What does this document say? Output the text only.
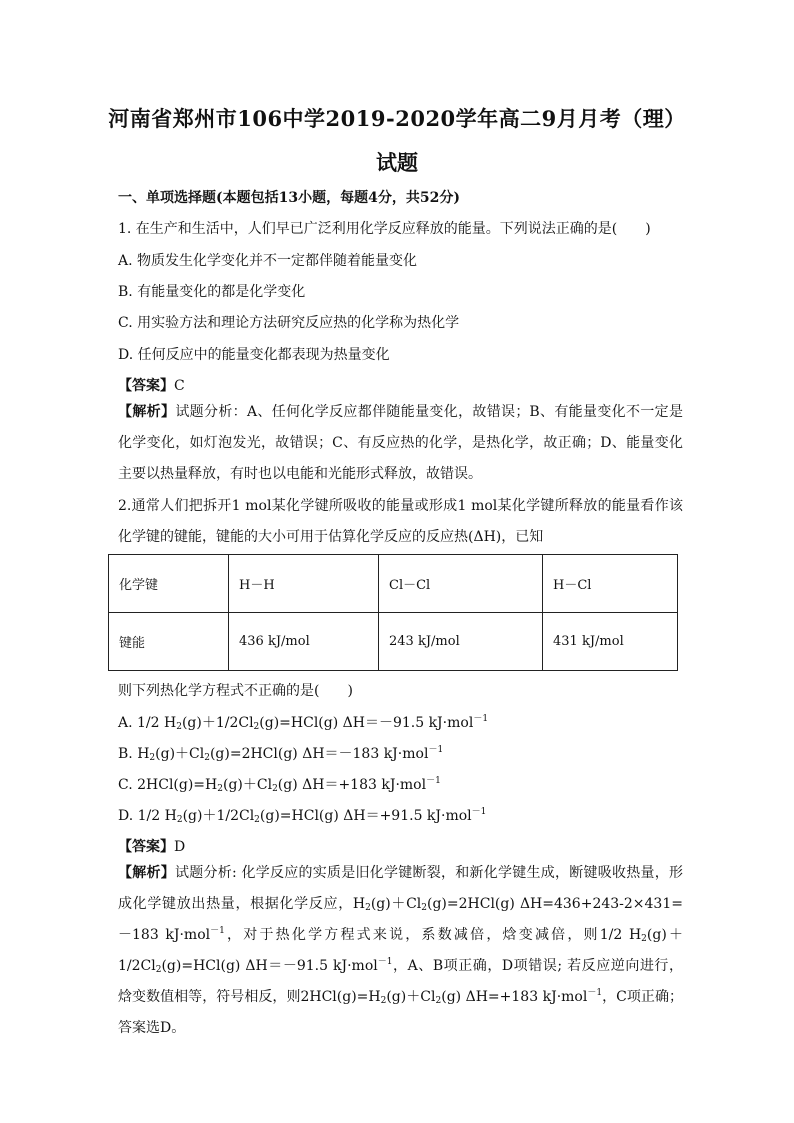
河南省郑州市106中学2019-2020学年高二9月月考（理）
试题
一、单项选择题(本题包括13小题，每题4分，共52分)
1. 在生产和生活中，人们早已广泛利用化学反应释放的能量。下列说法正确的是(　　)
A. 物质发生化学变化并不一定都伴随着能量变化
B. 有能量变化的都是化学变化
C. 用实验方法和理论方法研究反应热的化学称为热化学
D. 任何反应中的能量变化都表现为热量变化
【答案】C
【解析】试题分析：A、任何化学反应都伴随能量变化，故错误；B、有能量变化不一定是化学变化，如灯泡发光，故错误；C、有反应热的化学，是热化学，故正确；D、能量变化主要以热量释放，有时也以电能和光能形式释放，故错误。
2.通常人们把拆开1 mol某化学键所吸收的能量或形成1 mol某化学键所释放的能量看作该化学键的键能，键能的大小可用于估算化学反应的反应热(ΔH)，已知
化学键	H－H	Cl－Cl	H－Cl
键能	436 kJ/mol	243 kJ/mol	431 kJ/mol
则下列热化学方程式不正确的是(　　)
A. 1/2 $H_2(g)+1/2Cl_2(g)=HCl(g)$ ΔH＝－91.5 kJ·mol$^{-1}$
B. $H_2(g)+Cl_2(g)=2HCl(g)$ ΔH＝－183 kJ·mol$^{-1}$
C. $2HCl(g)=H_2(g)+Cl_2(g)$ ΔH＝+183 kJ·mol$^{-1}$
D. 1/2 $H_2(g)+1/2Cl_2(g)=HCl(g)$ ΔH＝+91.5 kJ·mol$^{-1}$
【答案】D
【解析】试题分析: 化学反应的实质是旧化学键断裂，和新化学键生成，断键吸收热量，形成化学键放出热量，根据化学反应，$H_2(g)+Cl_2(g)=2HCl(g)$ ΔH=436+243-2×431=－183 kJ·mol$^{-1}$，对于热化学方程式来说，系数减倍，焓变减倍，则1/2 $H_2(g)+1/2Cl_2(g)=HCl(g)$ ΔH＝－91.5 kJ·mol$^{-1}$，A、B项正确，D项错误; 若反应逆向进行，焓变数值相等，符号相反，则$2HCl(g)=H_2(g)+Cl_2(g)$ ΔH=+183 kJ·mol$^{-1}$，C项正确；答案选D。
